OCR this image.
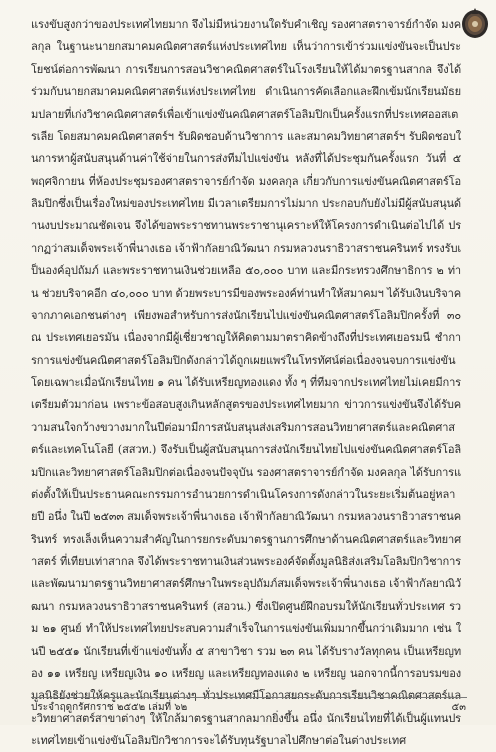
แรงขับสูงกว่าของประเทศไทยมาก จึงไม่มีหน่วยงานใดรับคำเชิญ รองศาสตราจารย์กำจัด มงคลกุล ในฐานะนายกสมาคมคณิตศาสตร์แห่งประเทศไทย เห็นว่าการเข้าร่วมแข่งขันจะเป็นประโยชน์ต่อการพัฒนา การเรียนการสอนวิชาคณิตศาสตร์ในโรงเรียนให้ได้มาตรฐานสากล จึงได้ร่วมกับนายกสมาคมคณิตศาสตร์แห่งประเทศไทย ดำเนินการคัดเลือกและฝึกเข้มนักเรียนมัธยมปลายที่เก่งวิชาคณิตศาสตร์เพื่อเข้าแข่งขันคณิตศาสตร์โอลิมปิกเป็นครั้งแรกที่ประเทศออสเตรเลีย โดยสมาคมคณิตศาสตร์ฯ รับผิดชอบด้านวิชาการ และสมาคมวิทยาศาสตร์ฯ รับผิดชอบในการหาผู้สนับสนุนด้านค่าใช้จ่ายในการส่งทีมไปแข่งขัน หลังที่ได้ประชุมกันครั้งแรก วันที่ ๕ พฤศจิกายน ที่ห้องประชุมรองศาสตราจารย์กำจัด มงคลกุล เกี่ยวกับการแข่งขันคณิตศาสตร์โอลิมปิกซึ่งเป็นเรื่องใหม่ของประเทศไทย มีเวลาเตรียมการไม่มาก ประกอบกับยังไม่มีผู้สนับสนุนด้านงบประมาณชัดเจน จึงได้ขอพระราชทานพระราชานุเคราะห์ให้โครงการดำเนินต่อไปได้ ปรากฏว่าสมเด็จพระเจ้าพี่นางเธอ เจ้าฟ้ากัลยาณิวัฒนา กรมหลวงนราธิวาสราชนครินทร์ ทรงรับเป็นองค์อุปถัมภ์ และพระราชทานเงินช่วยเหลือ ๕๐,๐๐๐ บาท และมีกระทรวงศึกษาธิการ ๒ ท่าน ช่วยบริจาคอีก ๔๐,๐๐๐ บาท ด้วยพระบารมีของพระองค์ท่านทำให้สมาคมฯ ได้รับเงินบริจาคจากภาคเอกชนต่างๆ เพียงพอสำหรับการส่งนักเรียนไปแข่งขันคณิตศาสตร์โอลิมปิกครั้งที่ ๓๐ ณ ประเทศเยอรมัน เนื่องจากมีผู้เชี่ยวชาญให้คิดตามมาตราคิดข้างถึงที่ประเทศเยอรมนี ชำการการแข่งขันคณิตศาสตร์โอลิมปิกดังกล่าวได้ถูกเผยแพร่ในโทรทัศน์ต่อเนื่องจนจบการแข่งขัน โดยเฉพาะเมื่อนักเรียนไทย ๑ คน ได้รับเหรียญทองแดง ทั้ง ๆ ที่ทีมจากประเทศไทยไม่เคยมีการเตรียมตัวมาก่อน เพราะข้อสอบสูงเกินหลักสูตรของประเทศไทยมาก ข่าวการแข่งขันจึงได้รับความสนใจกว้างขวางมากในปีต่อมามีการสนับสนุนส่งเสริมการสอนวิทยาศาสตร์และคณิตศาสตร์และเทคโนโลยี (สสวท.) จึงรับเป็นผู้สนับสนุนการส่งนักเรียนไทยไปแข่งขันคณิตศาสตร์โอลิมปิกและวิทยาศาสตร์โอลิมปิกต่อเนื่องจนปัจจุบัน รองศาสตราจารย์กำจัด มงคลกุล ได้รับการแต่งตั้งให้เป็นประธานคณะกรรมการอำนวยการดำเนินโครงการดังกล่าวในระยะเริ่มต้นอยู่หลายปี อนึ่ง ในปี ๒๕๓๓ สมเด็จพระเจ้าพี่นางเธอ เจ้าฟ้ากัลยาณิวัฒนา กรมหลวงนราธิวาสราชนครินทร์ ทรงเล็งเห็นความสำคัญในการยกระดับมาตรฐานการศึกษาด้านคณิตศาสตร์และวิทยาศาสตร์ ที่เทียบเท่าสากล จึงได้พระราชทานเงินส่วนพระองค์จัดตั้งมูลนิธิส่งเสริมโอลิมปิกวิชาการและพัฒนามาตรฐานวิทยาศาสตร์ศึกษาในพระอุปถัมภ์สมเด็จพระเจ้าพี่นางเธอ เจ้าฟ้ากัลยาณิวัฒนา กรมหลวงนราธิวาสราชนครินทร์ (สอวน.) ซึ่งเปิดศูนย์ฝึกอบรมให้นักเรียนทั่วประเทศ รวม ๒๑ ศูนย์ ทำให้ประเทศไทยประสบความสำเร็จในการแข่งขันเพิ่มมากขึ้นกว่าเดิมมาก เช่น ในปี ๒๕๕๑ นักเรียนที่เข้าแข่งขันทั้ง ๕ สาขาวิชา รวม ๒๓ คน ได้รับรางวัลทุกคน เป็นเหรียญทอง ๑๑ เหรียญ เหรียญเงิน ๑๐ เหรียญ และเหรียญทองแดง ๒ เหรียญ นอกจากนี้การอบรมของมูลนิธิยังช่วยให้ครูและนักเรียนต่างๆ ทั่วประเทศมีโอกาสยกระดับการเรียนวิชาคณิตศาสตร์และวิทยาศาสตร์สาขาต่างๆ ให้ใกล้มาตรฐานสากลมากยิ่งขึ้น อนึ่ง นักเรียนไทยที่ได้เป็นผู้แทนประเทศไทยเข้าแข่งขันโอลิมปิกวิชาการจะได้รับทุนรัฐบาลไปศึกษาต่อในต่างประเทศ

ประจำฤดูกรัศกราช ๒๕๕๒ เล่มที่ ๖๒	๕๓
